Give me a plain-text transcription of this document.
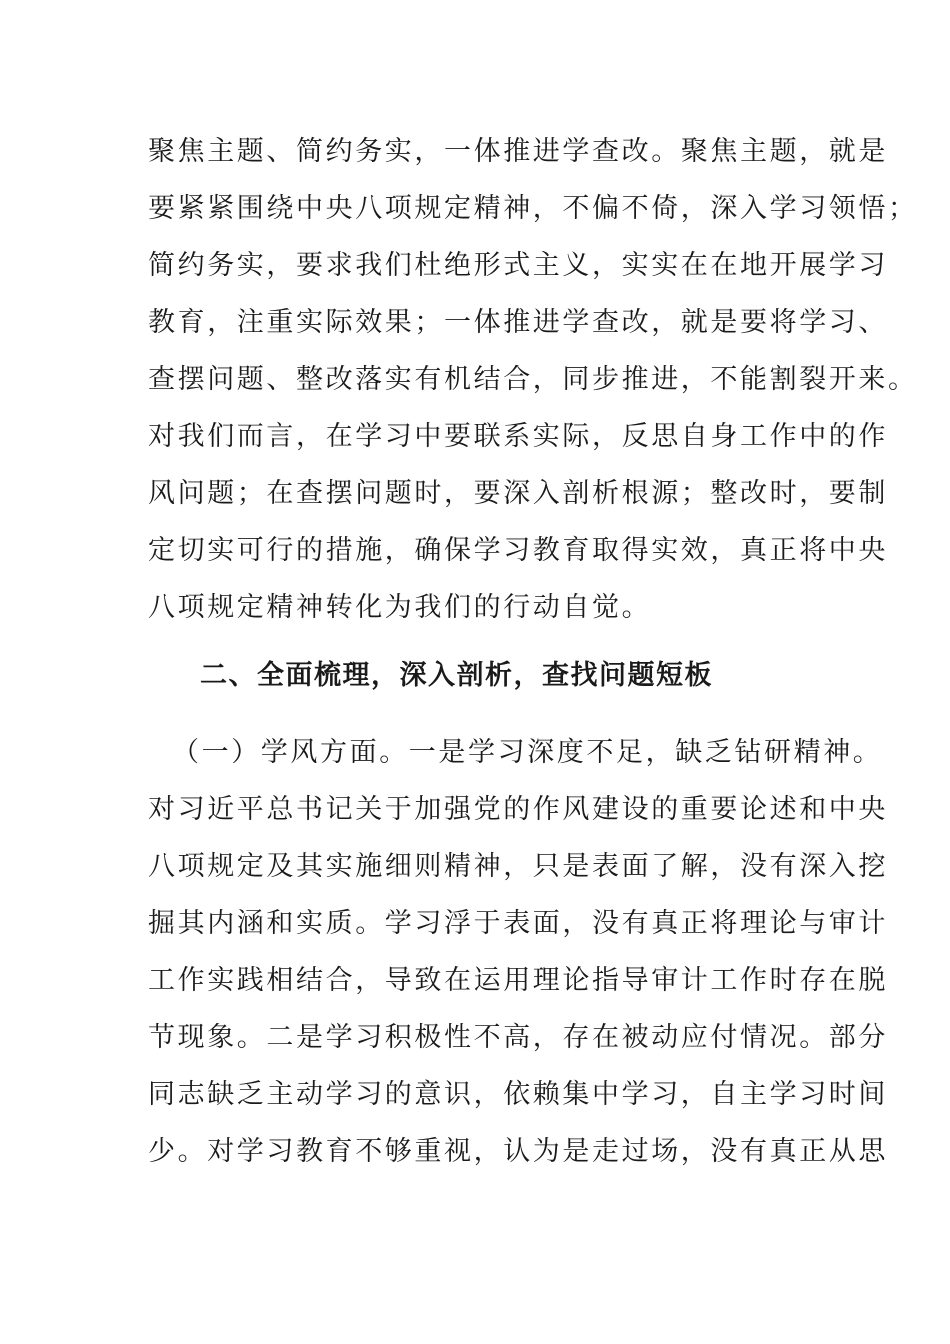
聚焦主题、简约务实，一体推进学查改。聚焦主题，就是
要紧紧围绕中央八项规定精神，不偏不倚，深入学习领悟；
简约务实，要求我们杜绝形式主义，实实在在地开展学习
教育，注重实际效果；一体推进学查改，就是要将学习、
查摆问题、整改落实有机结合，同步推进，不能割裂开来。
对我们而言，在学习中要联系实际，反思自身工作中的作
风问题；在查摆问题时，要深入剖析根源；整改时，要制
定切实可行的措施，确保学习教育取得实效，真正将中央
八项规定精神转化为我们的行动自觉。
二、全面梳理，深入剖析，查找问题短板
（一）学风方面。一是学习深度不足，缺乏钻研精神。
对习近平总书记关于加强党的作风建设的重要论述和中央
八项规定及其实施细则精神，只是表面了解，没有深入挖
掘其内涵和实质。学习浮于表面，没有真正将理论与审计
工作实践相结合，导致在运用理论指导审计工作时存在脱
节现象。二是学习积极性不高，存在被动应付情况。部分
同志缺乏主动学习的意识，依赖集中学习，自主学习时间
少。对学习教育不够重视，认为是走过场，没有真正从思
